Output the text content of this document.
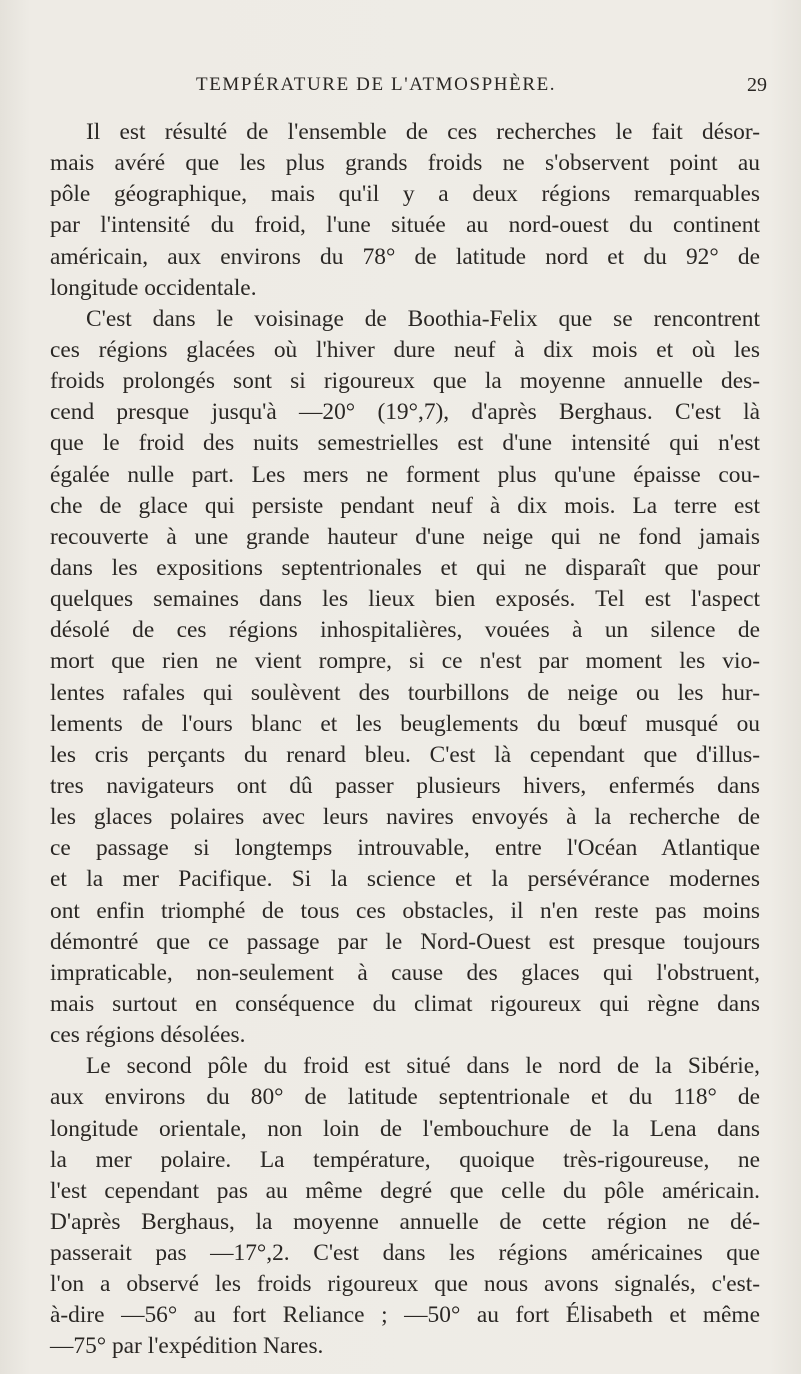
TEMPÉRATURE DE L'ATMOSPHÈRE.	29
Il est résulté de l'ensemble de ces recherches le fait désor-
mais avéré que les plus grands froids ne s'observent point au
pôle géographique, mais qu'il y a deux régions remarquables
par l'intensité du froid, l'une située au nord-ouest du continent
américain, aux environs du 78° de latitude nord et du 92° de
longitude occidentale.
C'est dans le voisinage de Boothia-Felix que se rencontrent
ces régions glacées où l'hiver dure neuf à dix mois et où les
froids prolongés sont si rigoureux que la moyenne annuelle des-
cend presque jusqu'à —20° (19°,7), d'après Berghaus. C'est là
que le froid des nuits semestrielles est d'une intensité qui n'est
égalée nulle part. Les mers ne forment plus qu'une épaisse cou-
che de glace qui persiste pendant neuf à dix mois. La terre est
recouverte à une grande hauteur d'une neige qui ne fond jamais
dans les expositions septentrionales et qui ne disparaît que pour
quelques semaines dans les lieux bien exposés. Tel est l'aspect
désolé de ces régions inhospitalières, vouées à un silence de
mort que rien ne vient rompre, si ce n'est par moment les vio-
lentes rafales qui soulèvent des tourbillons de neige ou les hur-
lements de l'ours blanc et les beuglements du bœuf musqué ou
les cris perçants du renard bleu. C'est là cependant que d'illus-
tres navigateurs ont dû passer plusieurs hivers, enfermés dans
les glaces polaires avec leurs navires envoyés à la recherche de
ce passage si longtemps introuvable, entre l'Océan Atlantique
et la mer Pacifique. Si la science et la persévérance modernes
ont enfin triomphé de tous ces obstacles, il n'en reste pas moins
démontré que ce passage par le Nord-Ouest est presque toujours
impraticable, non-seulement à cause des glaces qui l'obstruent,
mais surtout en conséquence du climat rigoureux qui règne dans
ces régions désolées.
Le second pôle du froid est situé dans le nord de la Sibérie,
aux environs du 80° de latitude septentrionale et du 118° de
longitude orientale, non loin de l'embouchure de la Lena dans
la mer polaire. La température, quoique très-rigoureuse, ne
l'est cependant pas au même degré que celle du pôle américain.
D'après Berghaus, la moyenne annuelle de cette région ne dé-
passerait pas —17°,2. C'est dans les régions américaines que
l'on a observé les froids rigoureux que nous avons signalés, c'est-
à-dire —56° au fort Reliance ; —50° au fort Élisabeth et même
—75° par l'expédition Nares.
